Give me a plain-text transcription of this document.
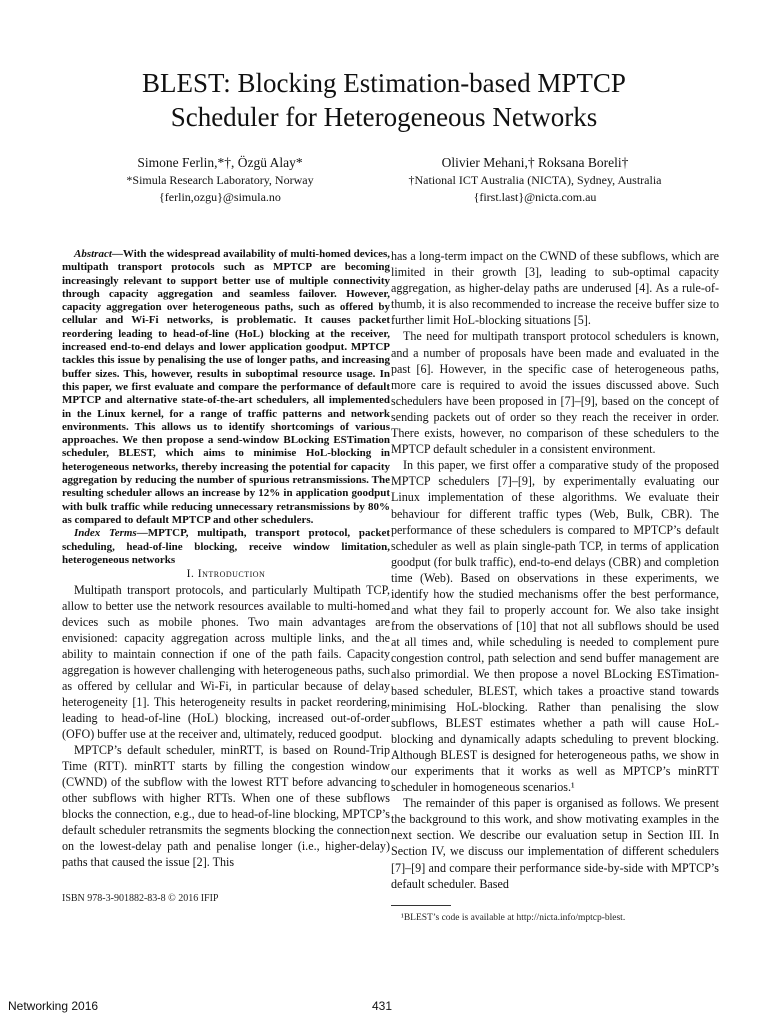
BLEST: Blocking Estimation-based MPTCP
Scheduler for Heterogeneous Networks
Simone Ferlin,*†, Özgü Alay*
*Simula Research Laboratory, Norway
{ferlin,ozgu}@simula.no
Olivier Mehani,† Roksana Boreli†
†National ICT Australia (NICTA), Sydney, Australia
{first.last}@nicta.com.au

Abstract—With the widespread availability of multi-homed devices, multipath transport protocols such as MPTCP are becoming increasingly relevant to support better use of multiple connectivity through capacity aggregation and seamless failover. However, capacity aggregation over heterogeneous paths, such as offered by cellular and Wi-Fi networks, is problematic. It causes packet reordering leading to head-of-line (HoL) blocking at the receiver, increased end-to-end delays and lower application goodput. MPTCP tackles this issue by penalising the use of longer paths, and increasing buffer sizes. This, however, results in suboptimal resource usage. In this paper, we first evaluate and compare the performance of default MPTCP and alternative state-of-the-art schedulers, all implemented in the Linux kernel, for a range of traffic patterns and network environments. This allows us to identify shortcomings of various approaches. We then propose a send-window BLocking ESTimation scheduler, BLEST, which aims to minimise HoL-blocking in heterogeneous networks, thereby increasing the potential for capacity aggregation by reducing the number of spurious retransmissions. The resulting scheduler allows an increase by 12% in application goodput with bulk traffic while reducing unnecessary retransmissions by 80% as compared to default MPTCP and other schedulers.

Index Terms—MPTCP, multipath, transport protocol, packet scheduling, head-of-line blocking, receive window limitation, heterogeneous networks

I. Introduction

Multipath transport protocols, and particularly Multipath TCP, allow to better use the network resources available to multi-homed devices such as mobile phones. Two main advantages are envisioned: capacity aggregation across multiple links, and the ability to maintain connection if one of the path fails. Capacity aggregation is however challenging with heterogeneous paths, such as offered by cellular and Wi-Fi, in particular because of delay heterogeneity [1]. This heterogeneity results in packet reordering, leading to head-of-line (HoL) blocking, increased out-of-order (OFO) buffer use at the receiver and, ultimately, reduced goodput.

MPTCP’s default scheduler, minRTT, is based on Round-Trip Time (RTT). minRTT starts by filling the congestion window (CWND) of the subflow with the lowest RTT before advancing to other subflows with higher RTTs. When one of these subflows blocks the connection, e.g., due to head-of-line blocking, MPTCP’s default scheduler retransmits the segments blocking the connection on the lowest-delay path and penalise longer (i.e., higher-delay) paths that caused the issue [2]. This

has a long-term impact on the CWND of these subflows, which are limited in their growth [3], leading to sub-optimal capacity aggregation, as higher-delay paths are underused [4]. As a rule-of-thumb, it is also recommended to increase the receive buffer size to further limit HoL-blocking situations [5].

The need for multipath transport protocol schedulers is known, and a number of proposals have been made and evaluated in the past [6]. However, in the specific case of heterogeneous paths, more care is required to avoid the issues discussed above. Such schedulers have been proposed in [7]–[9], based on the concept of sending packets out of order so they reach the receiver in order. There exists, however, no comparison of these schedulers to the MPTCP default scheduler in a consistent environment.

In this paper, we first offer a comparative study of the proposed MPTCP schedulers [7]–[9], by experimentally evaluating our Linux implementation of these algorithms. We evaluate their behaviour for different traffic types (Web, Bulk, CBR). The performance of these schedulers is compared to MPTCP’s default scheduler as well as plain single-path TCP, in terms of application goodput (for bulk traffic), end-to-end delays (CBR) and completion time (Web). Based on observations in these experiments, we identify how the studied mechanisms offer the best performance, and what they fail to properly account for. We also take insight from the observations of [10] that not all subflows should be used at all times and, while scheduling is needed to complement pure congestion control, path selection and send buffer management are also primordial. We then propose a novel BLocking ESTimation-based scheduler, BLEST, which takes a proactive stand towards minimising HoL-blocking. Rather than penalising the slow subflows, BLEST estimates whether a path will cause HoL-blocking and dynamically adapts scheduling to prevent blocking. Although BLEST is designed for heterogeneous paths, we show in our experiments that it works as well as MPTCP’s minRTT scheduler in homogeneous scenarios.¹

The remainder of this paper is organised as follows. We present the background to this work, and show motivating examples in the next section. We describe our evaluation setup in Section III. In Section IV, we discuss our implementation of different schedulers [7]–[9] and compare their performance side-by-side with MPTCP’s default scheduler. Based

ISBN 978-3-901882-83-8 © 2016 IFIP
¹BLEST’s code is available at http://nicta.info/mptcp-blest.
Networking 2016	431
